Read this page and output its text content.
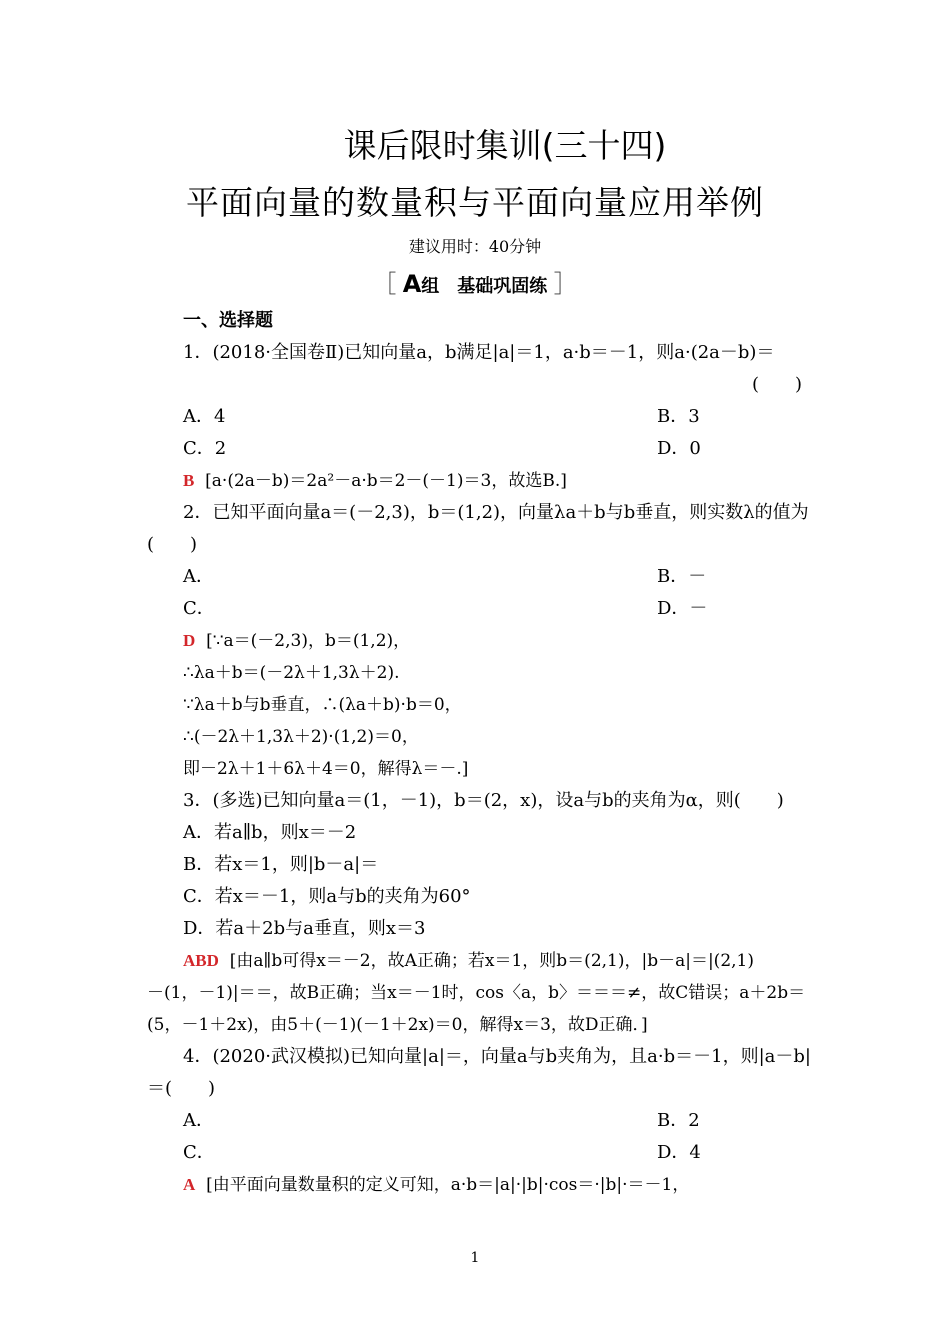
课后限时集训(三十四)
平面向量的数量积与平面向量应用举例
建议用时：40分钟
［ A组　基础巩固练 ］
一、选择题
1．(2018·全国卷Ⅱ)已知向量a，b满足|a|＝1，a·b＝－1，则a·(2a－b)＝
(　　)
A．4	B．3
C．2	D．0
B [a·(2a－b)＝2a²－a·b＝2－(－1)＝3，故选B.]
2．已知平面向量a＝(－2,3)，b＝(1,2)，向量λa＋b与b垂直，则实数λ的值为
(　　)
A．	B．－
C．	D．－
D [∵a＝(－2,3)，b＝(1,2)，
∴λa＋b＝(－2λ＋1,3λ＋2).
∵λa＋b与b垂直，∴(λa＋b)·b＝0，
∴(－2λ＋1,3λ＋2)·(1,2)＝0，
即－2λ＋1＋6λ＋4＝0，解得λ＝－.]
3．(多选)已知向量a＝(1，－1)，b＝(2，x)，设a与b的夹角为α，则(　　)
A．若a∥b，则x＝－2
B．若x＝1，则|b－a|＝
C．若x＝－1，则a与b的夹角为60°
D．若a＋2b与a垂直，则x＝3
ABD [由a∥b可得x＝－2，故A正确；若x＝1，则b＝(2,1)，|b－a|＝|(2,1)
－(1，－1)|＝＝，故B正确；当x＝－1时，cos〈a，b〉＝＝＝≠，故C错误；a＋2b＝
(5，－1＋2x)，由5＋(－1)(－1＋2x)＝0，解得x＝3，故D正确．]
4．(2020·武汉模拟)已知向量|a|＝，向量a与b夹角为，且a·b＝－1，则|a－b|
＝(　　)
A．	B．2
C．	D．4
A [由平面向量数量积的定义可知，a·b＝|a|·|b|·cos＝·|b|·＝－1，
1
